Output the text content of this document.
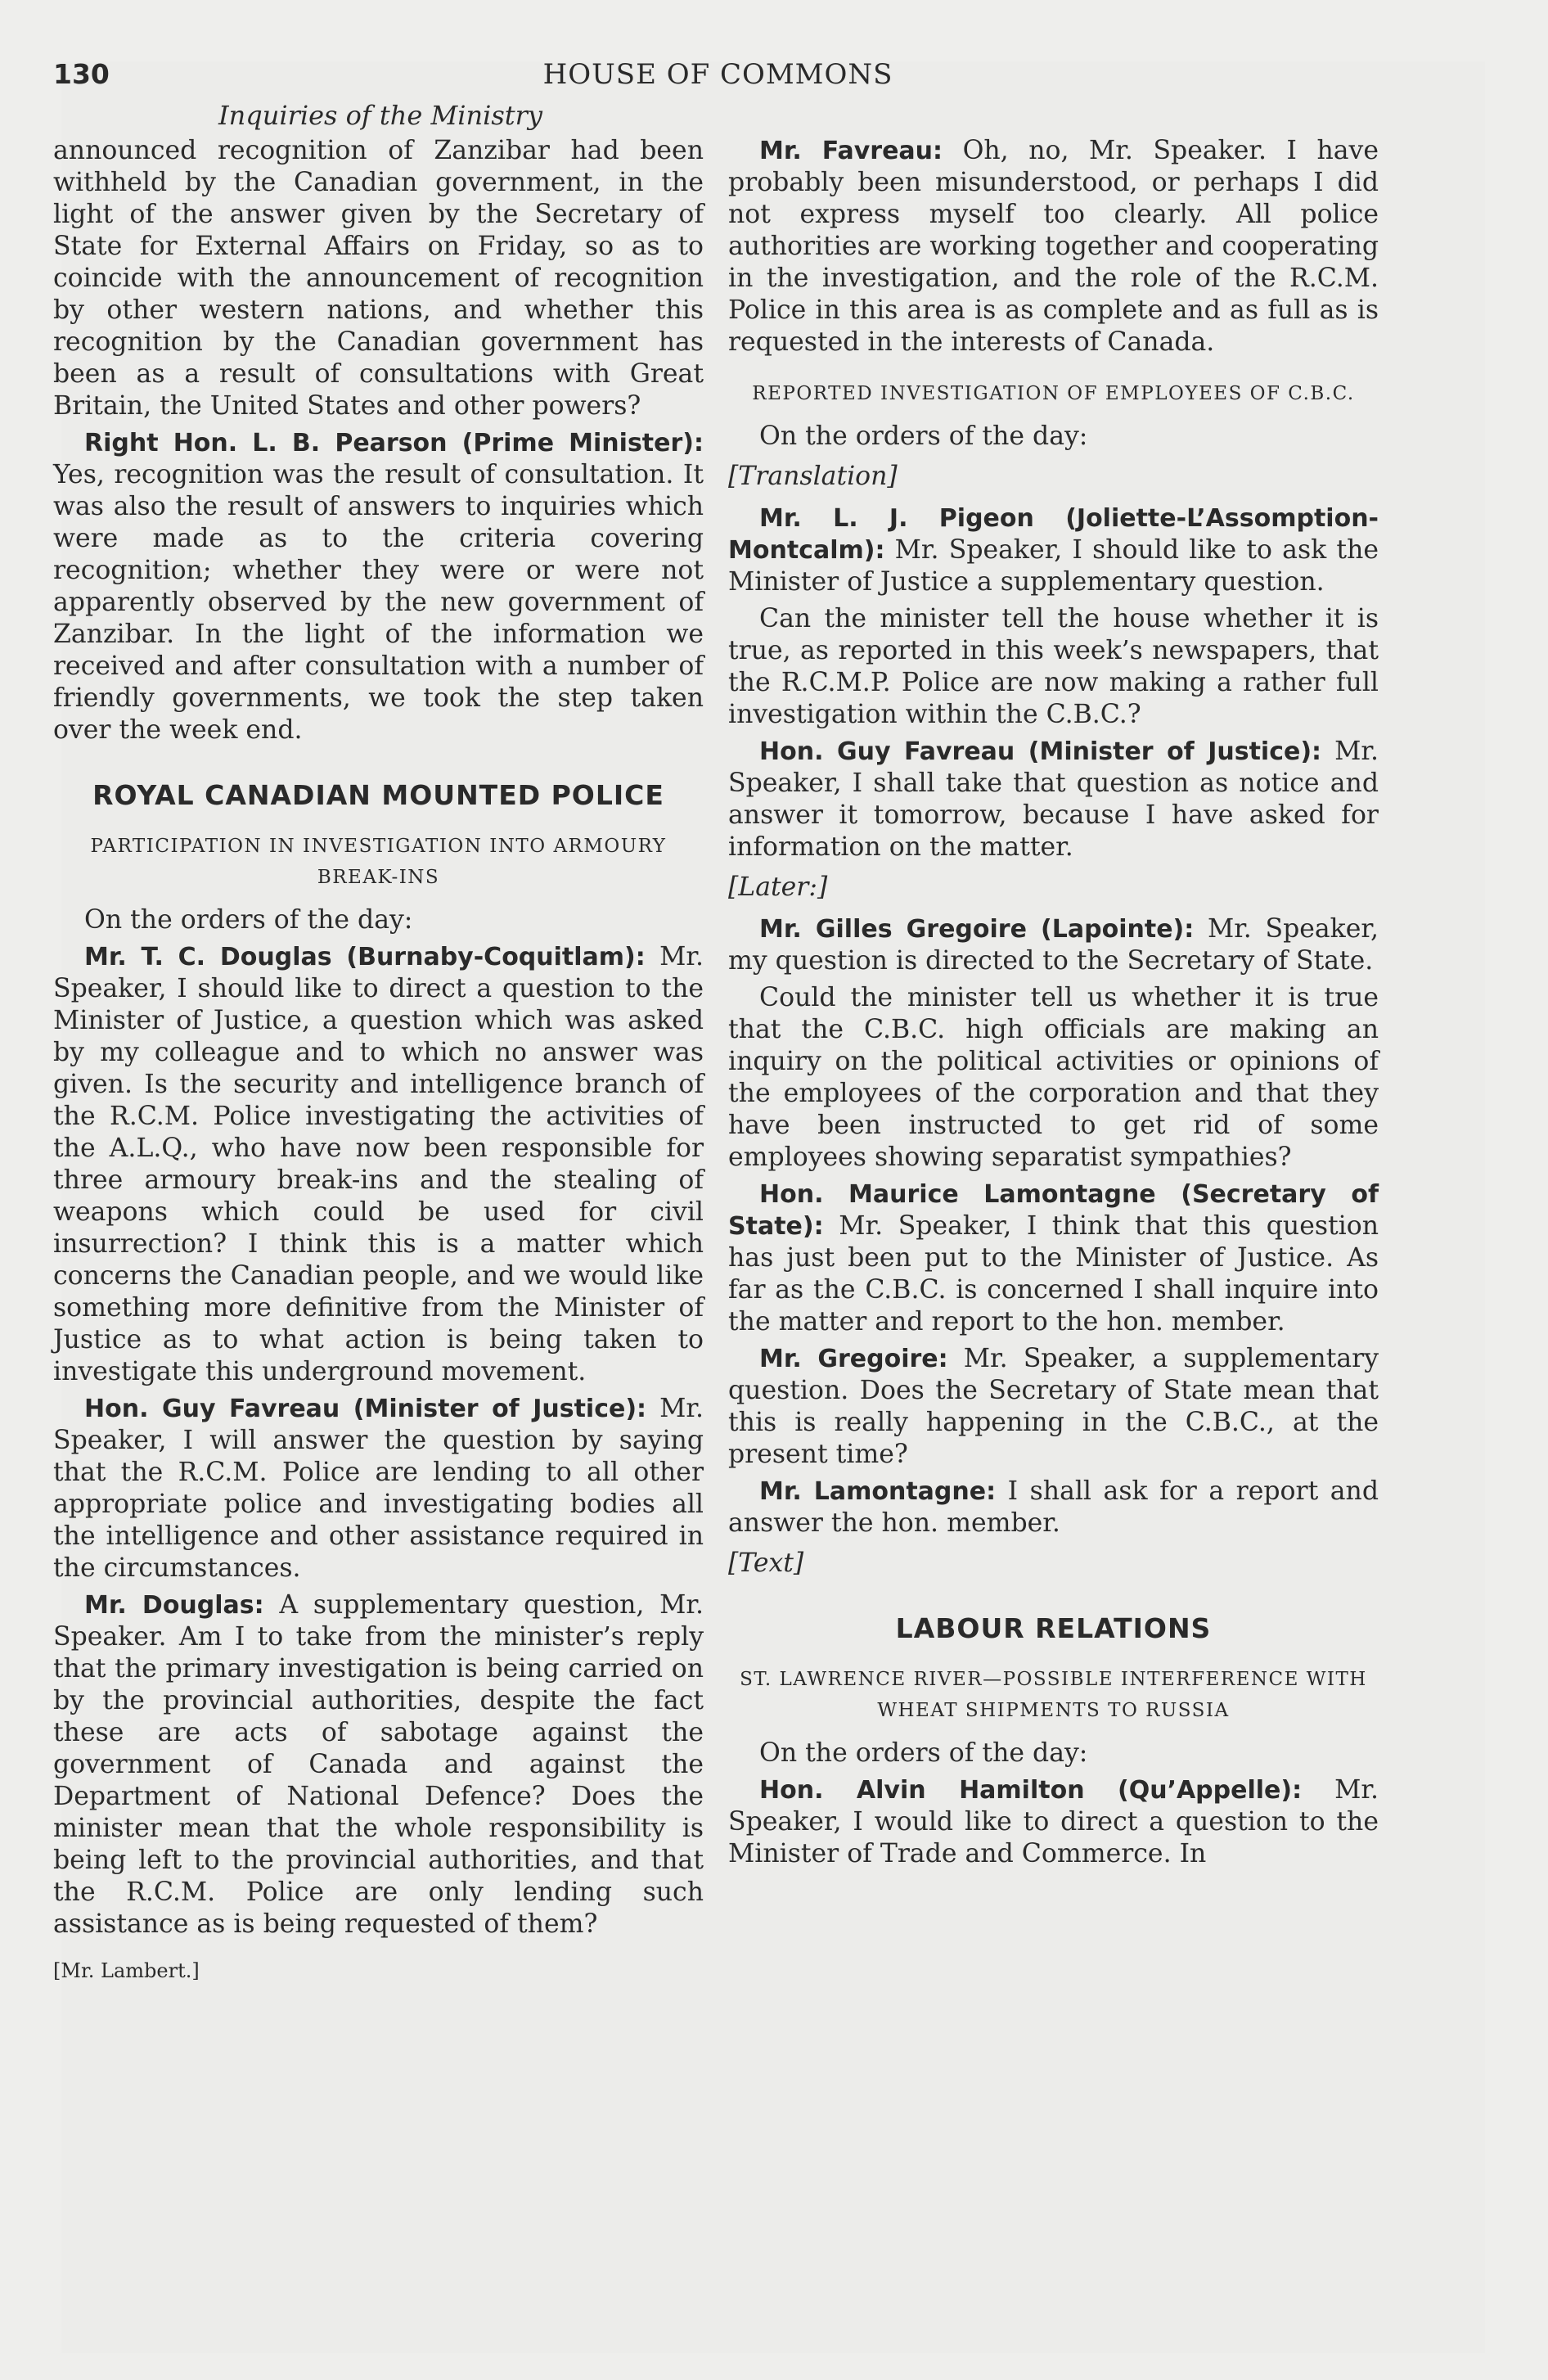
130	HOUSE OF COMMONS
Inquiries of the Ministry

announced recognition of Zanzibar had been withheld by the Canadian government, in the light of the answer given by the Secretary of State for External Affairs on Friday, so as to coincide with the announcement of recognition by other western nations, and whether this recognition by the Canadian government has been as a result of consultations with Great Britain, the United States and other powers?

Right Hon. L. B. Pearson (Prime Minister): Yes, recognition was the result of consultation. It was also the result of answers to inquiries which were made as to the criteria covering recognition; whether they were or were not apparently observed by the new government of Zanzibar. In the light of the information we received and after consultation with a number of friendly governments, we took the step taken over the week end.

ROYAL CANADIAN MOUNTED POLICE
PARTICIPATION IN INVESTIGATION INTO ARMOURY BREAK-INS

On the orders of the day:

Mr. T. C. Douglas (Burnaby-Coquitlam): Mr. Speaker, I should like to direct a question to the Minister of Justice, a question which was asked by my colleague and to which no answer was given. Is the security and intelligence branch of the R.C.M. Police investigating the activities of the A.L.Q., who have now been responsible for three armoury break-ins and the stealing of weapons which could be used for civil insurrection? I think this is a matter which concerns the Canadian people, and we would like something more definitive from the Minister of Justice as to what action is being taken to investigate this underground movement.

Hon. Guy Favreau (Minister of Justice): Mr. Speaker, I will answer the question by saying that the R.C.M. Police are lending to all other appropriate police and investigating bodies all the intelligence and other assistance required in the circumstances.

Mr. Douglas: A supplementary question, Mr. Speaker. Am I to take from the minister’s reply that the primary investigation is being carried on by the provincial authorities, despite the fact these are acts of sabotage against the government of Canada and against the Department of National Defence? Does the minister mean that the whole responsibility is being left to the provincial authorities, and that the R.C.M. Police are only lending such assistance as is being requested of them?

[Mr. Lambert.]

Mr. Favreau: Oh, no, Mr. Speaker. I have probably been misunderstood, or perhaps I did not express myself too clearly. All police authorities are working together and cooperating in the investigation, and the role of the R.C.M. Police in this area is as complete and as full as is requested in the interests of Canada.

REPORTED INVESTIGATION OF EMPLOYEES OF C.B.C.

On the orders of the day:

[Translation]

Mr. L. J. Pigeon (Joliette-L’Assomption-Montcalm): Mr. Speaker, I should like to ask the Minister of Justice a supplementary question.

Can the minister tell the house whether it is true, as reported in this week’s newspapers, that the R.C.M.P. Police are now making a rather full investigation within the C.B.C.?

Hon. Guy Favreau (Minister of Justice): Mr. Speaker, I shall take that question as notice and answer it tomorrow, because I have asked for information on the matter.

[Later:]

Mr. Gilles Gregoire (Lapointe): Mr. Speaker, my question is directed to the Secretary of State.

Could the minister tell us whether it is true that the C.B.C. high officials are making an inquiry on the political activities or opinions of the employees of the corporation and that they have been instructed to get rid of some employees showing separatist sympathies?

Hon. Maurice Lamontagne (Secretary of State): Mr. Speaker, I think that this question has just been put to the Minister of Justice. As far as the C.B.C. is concerned I shall inquire into the matter and report to the hon. member.

Mr. Gregoire: Mr. Speaker, a supplementary question. Does the Secretary of State mean that this is really happening in the C.B.C., at the present time?

Mr. Lamontagne: I shall ask for a report and answer the hon. member.

[Text]

LABOUR RELATIONS
ST. LAWRENCE RIVER—POSSIBLE INTERFERENCE WITH WHEAT SHIPMENTS TO RUSSIA

On the orders of the day:

Hon. Alvin Hamilton (Qu’Appelle): Mr. Speaker, I would like to direct a question to the Minister of Trade and Commerce. In
